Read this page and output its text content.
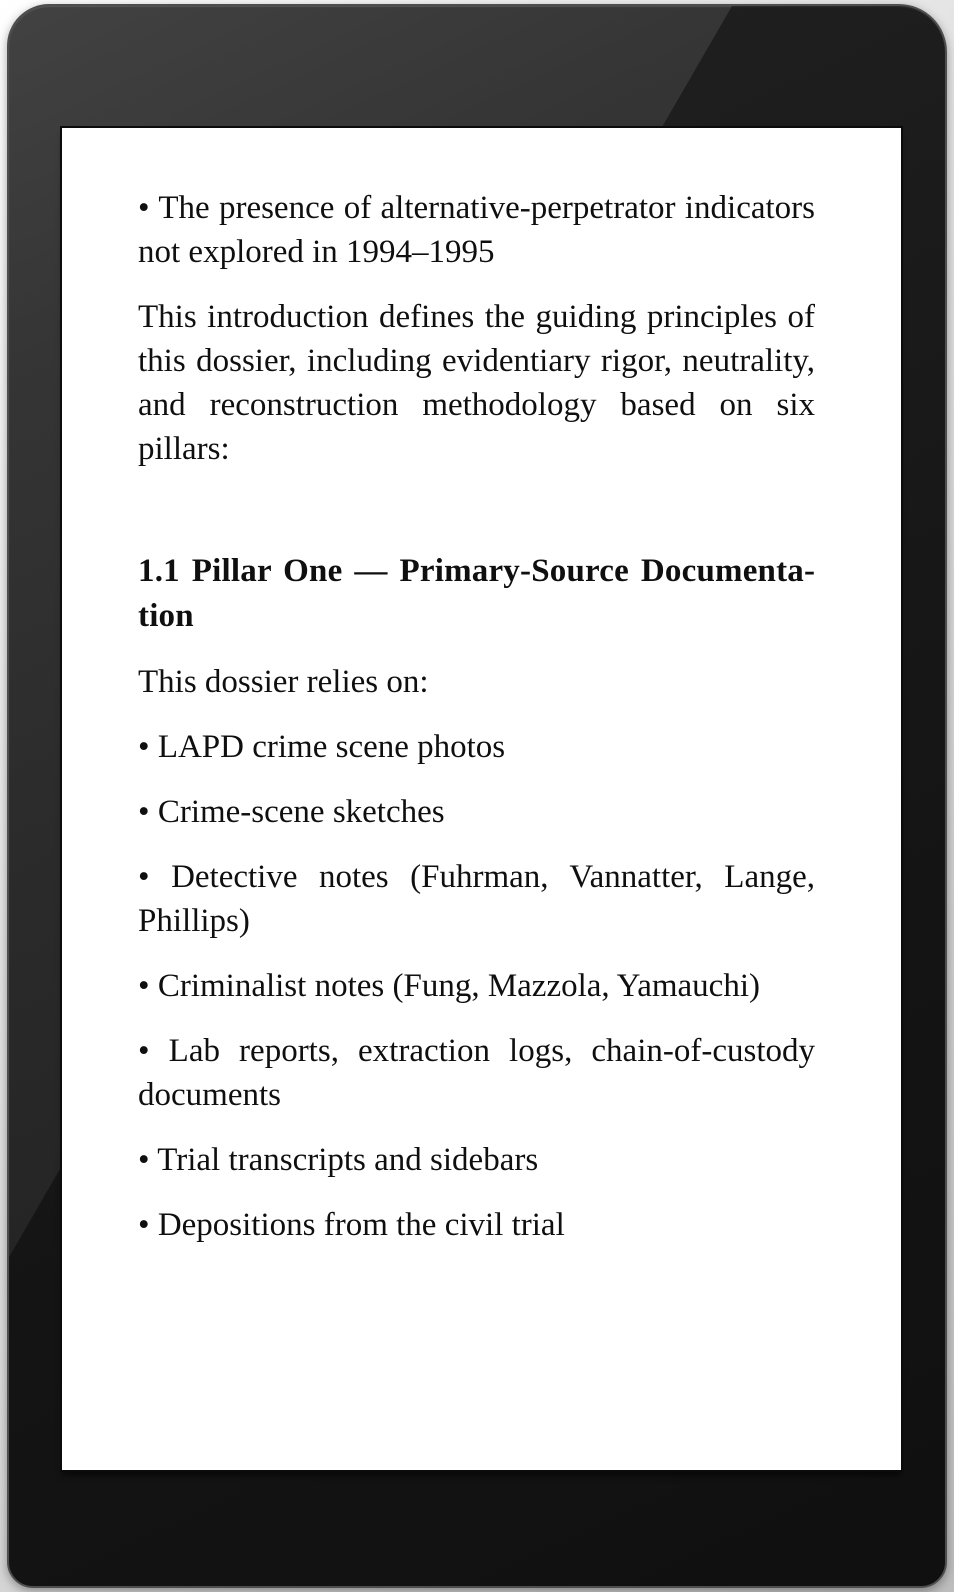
• The presence of alternative-perpetrator indicators not explored in 1994–1995

This introduction defines the guiding principles of this dossier, including evidentiary rigor, neutrality, and reconstruction methodology based on six pillars:

1.1 Pillar One — Primary-Source Documentation

This dossier relies on:

• LAPD crime scene photos

• Crime-scene sketches

• Detective notes (Fuhrman, Vannatter, Lange, Phillips)

• Criminalist notes (Fung, Mazzola, Yamauchi)

• Lab reports, extraction logs, chain-of-custody documents

• Trial transcripts and sidebars

• Depositions from the civil trial
